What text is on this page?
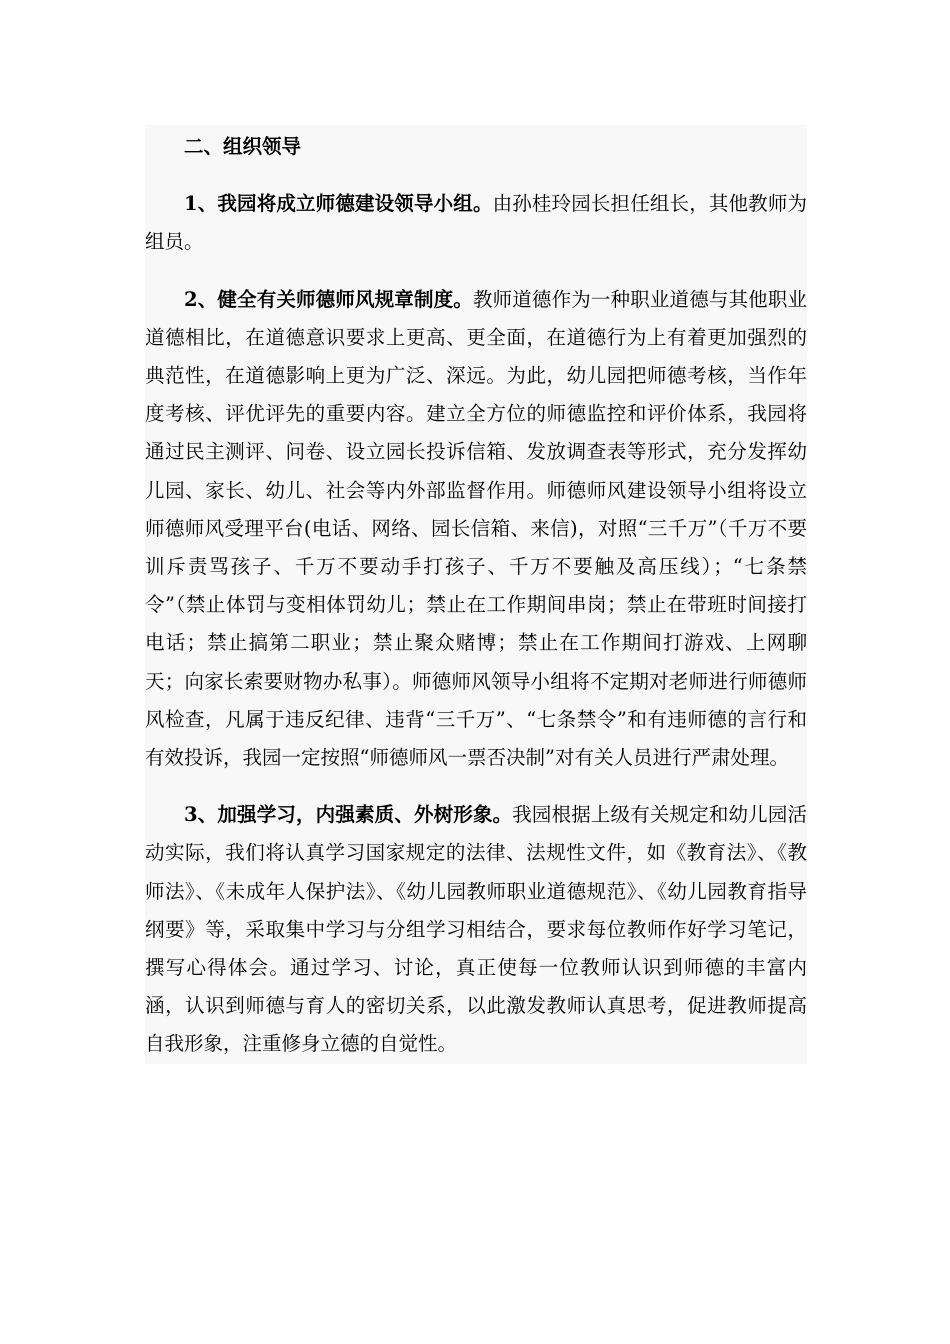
二、组织领导

1、我园将成立师德建设领导小组。由孙桂玲园长担任组长，其他教师为组员。

2、健全有关师德师风规章制度。教师道德作为一种职业道德与其他职业道德相比，在道德意识要求上更高、更全面，在道德行为上有着更加强烈的典范性，在道德影响上更为广泛、深远。为此，幼儿园把师德考核，当作年度考核、评优评先的重要内容。建立全方位的师德监控和评价体系，我园将通过民主测评、问卷、设立园长投诉信箱、发放调查表等形式，充分发挥幼儿园、家长、幼儿、社会等内外部监督作用。师德师风建设领导小组将设立师德师风受理平台(电话、网络、园长信箱、来信)，对照“三千万”（千万不要训斥责骂孩子、千万不要动手打孩子、千万不要触及高压线）；“七条禁令”（禁止体罚与变相体罚幼儿；禁止在工作期间串岗；禁止在带班时间接打电话；禁止搞第二职业；禁止聚众赌博；禁止在工作期间打游戏、上网聊天；向家长索要财物办私事）。师德师风领导小组将不定期对老师进行师德师风检查，凡属于违反纪律、违背“三千万”、“七条禁令”和有违师德的言行和有效投诉，我园一定按照“师德师风一票否决制”对有关人员进行严肃处理。

3、加强学习，内强素质、外树形象。我园根据上级有关规定和幼儿园活动实际，我们将认真学习国家规定的法律、法规性文件，如《教育法》、《教师法》、《未成年人保护法》、《幼儿园教师职业道德规范》、《幼儿园教育指导纲要》等，采取集中学习与分组学习相结合，要求每位教师作好学习笔记，撰写心得体会。通过学习、讨论，真正使每一位教师认识到师德的丰富内涵，认识到师德与育人的密切关系，以此激发教师认真思考，促进教师提高自我形象，注重修身立德的自觉性。
